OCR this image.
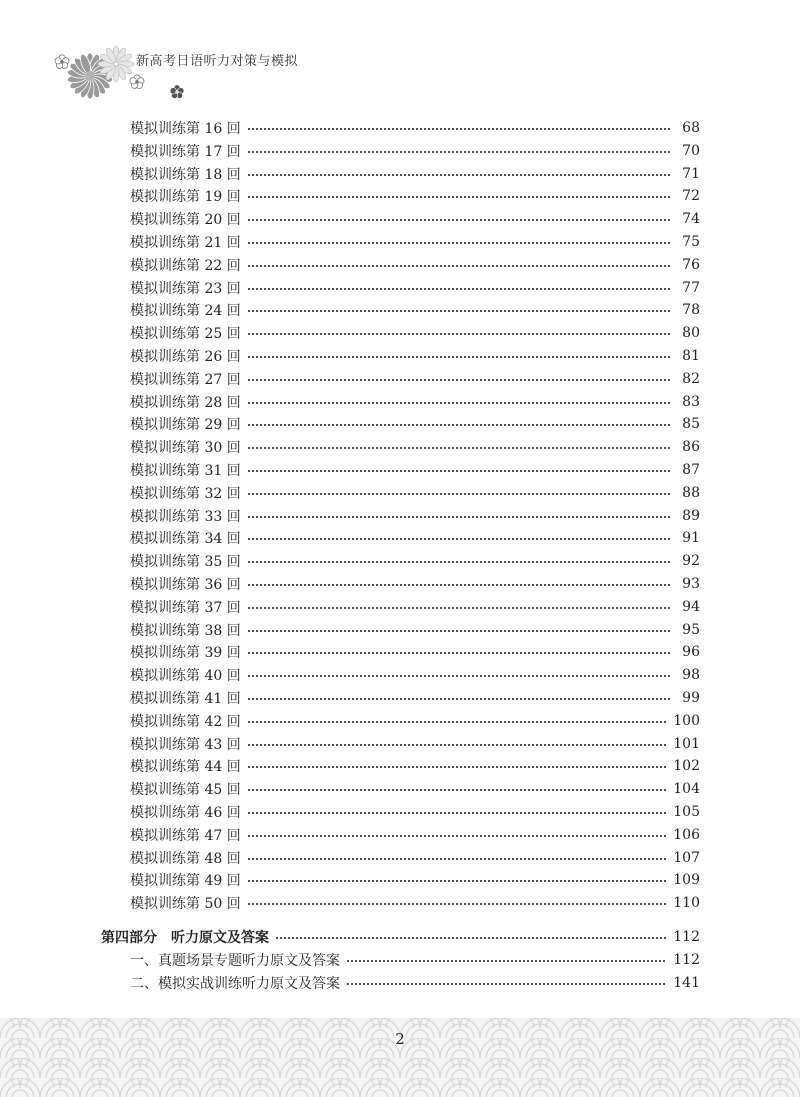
新高考日语听力对策与模拟
模拟训练第 16 回	68
模拟训练第 17 回	70
模拟训练第 18 回	71
模拟训练第 19 回	72
模拟训练第 20 回	74
模拟训练第 21 回	75
模拟训练第 22 回	76
模拟训练第 23 回	77
模拟训练第 24 回	78
模拟训练第 25 回	80
模拟训练第 26 回	81
模拟训练第 27 回	82
模拟训练第 28 回	83
模拟训练第 29 回	85
模拟训练第 30 回	86
模拟训练第 31 回	87
模拟训练第 32 回	88
模拟训练第 33 回	89
模拟训练第 34 回	91
模拟训练第 35 回	92
模拟训练第 36 回	93
模拟训练第 37 回	94
模拟训练第 38 回	95
模拟训练第 39 回	96
模拟训练第 40 回	98
模拟训练第 41 回	99
模拟训练第 42 回	100
模拟训练第 43 回	101
模拟训练第 44 回	102
模拟训练第 45 回	104
模拟训练第 46 回	105
模拟训练第 47 回	106
模拟训练第 48 回	107
模拟训练第 49 回	109
模拟训练第 50 回	110
第四部分　听力原文及答案	112
一、真题场景专题听力原文及答案	112
二、模拟实战训练听力原文及答案	141
2
